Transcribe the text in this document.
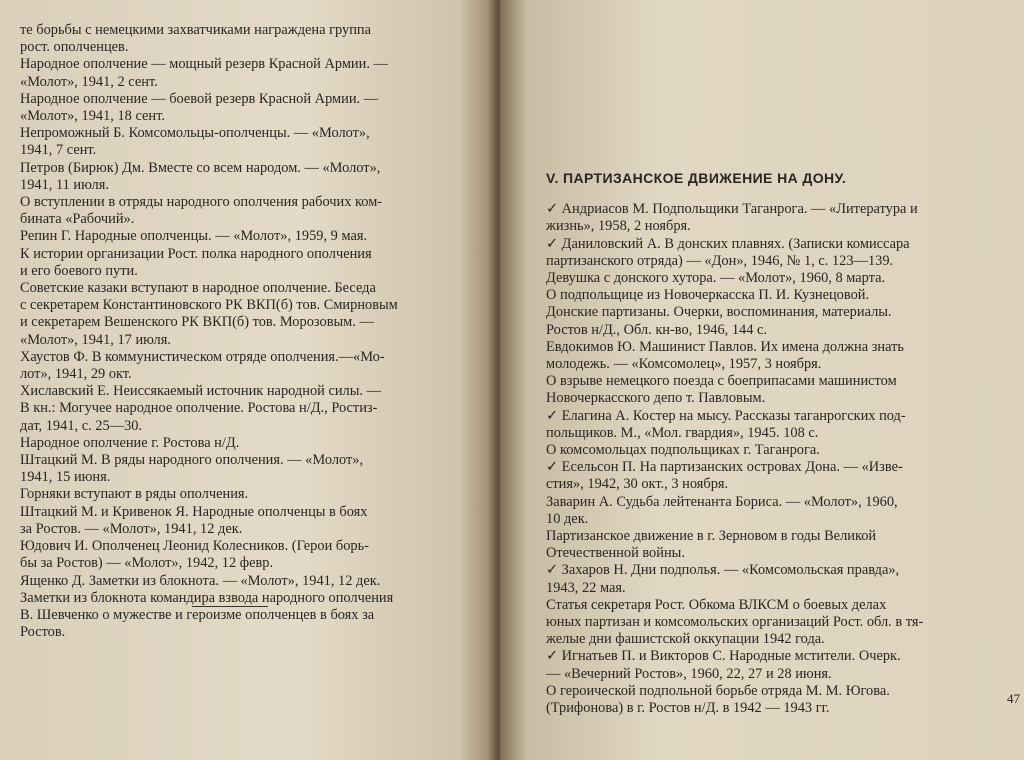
те борьбы с немецкими захватчиками награждена группа
рост. ополченцев.
Народное ополчение — мощный резерв Красной Армии. —
«Молот», 1941, 2 сент.
Народное ополчение — боевой резерв Красной Армии. —
«Молот», 1941, 18 сент.
Непроможный Б. Комсомольцы-ополченцы. — «Молот»,
1941, 7 сент.
Петров (Бирюк) Дм. Вместе со всем народом. — «Молот»,
1941, 11 июля.
О вступлении в отряды народного ополчения рабочих ком-
бината «Рабочий».
Репин Г. Народные ополченцы. — «Молот», 1959, 9 мая.
К истории организации Рост. полка народного ополчения
и его боевого пути.
Советские казаки вступают в народное ополчение. Беседа
с секретарем Константиновского РК ВКП(б) тов. Смирновым
и секретарем Вешенского РК ВКП(б) тов. Морозовым. —
«Молот», 1941, 17 июля.
Хаустов Ф. В коммунистическом отряде ополчения.—«Мо-
лот», 1941, 29 окт.
Хиславский Е. Неиссякаемый источник народной силы. —
В кн.: Могучее народное ополчение. Ростова н/Д., Ростиз-
дат, 1941, с. 25—30.
Народное ополчение г. Ростова н/Д.
Штацкий М. В ряды народного ополчения. — «Молот»,
1941, 15 июня.
Горняки вступают в ряды ополчения.
Штацкий М. и Кривенок Я. Народные ополченцы в боях
за Ростов. — «Молот», 1941, 12 дек.
Юдович И. Ополченец Леонид Колесников. (Герои борь-
бы за Ростов) — «Молот», 1942, 12 февр.
Ященко Д. Заметки из блокнота. — «Молот», 1941, 12 дек.
Заметки из блокнота командира взвода народного ополчения
В. Шевченко о мужестве и героизме ополченцев в боях за
Ростов.
V. ПАРТИЗАНСКОЕ ДВИЖЕНИЕ НА ДОНУ.
✓ Андриасов М. Подпольщики Таганрога. — «Литература и
жизнь», 1958, 2 ноября.
✓ Даниловский А. В донских плавнях. (Записки комиссара
партизанского отряда) — «Дон», 1946, № 1, с. 123—139.
Девушка с донского хутора. — «Молот», 1960, 8 марта.
О подпольщице из Новочеркасска П. И. Кузнецовой.
Донские партизаны. Очерки, воспоминания, материалы.
Ростов н/Д., Обл. кн-во, 1946, 144 с.
Евдокимов Ю. Машинист Павлов. Их имена должна знать
молодежь. — «Комсомолец», 1957, 3 ноября.
О взрыве немецкого поезда с боеприпасами машинистом
Новочеркасского депо т. Павловым.
✓ Елагина А. Костер на мысу. Рассказы таганрогских под-
польщиков. М., «Мол. гвардия», 1945. 108 с.
О комсомольцах подпольщиках г. Таганрога.
✓ Есельсон П. На партизанских островах Дона. — «Изве-
стия», 1942, 30 окт., 3 ноября.
Заварин А. Судьба лейтенанта Бориса. — «Молот», 1960,
10 дек.
Партизанское движение в г. Зерновом в годы Великой
Отечественной войны.
✓ Захаров Н. Дни подполья. — «Комсомольская правда»,
1943, 22 мая.
Статья секретаря Рост. Обкома ВЛКСМ о боевых делах
юных партизан и комсомольских организаций Рост. обл. в тя-
желые дни фашистской оккупации 1942 года.
✓ Игнатьев П. и Викторов С. Народные мстители. Очерк.
— «Вечерний Ростов», 1960, 22, 27 и 28 июня.
О героической подпольной борьбе отряда М. М. Югова.
(Трифонова) в г. Ростов н/Д. в 1942 — 1943 гг.
47
